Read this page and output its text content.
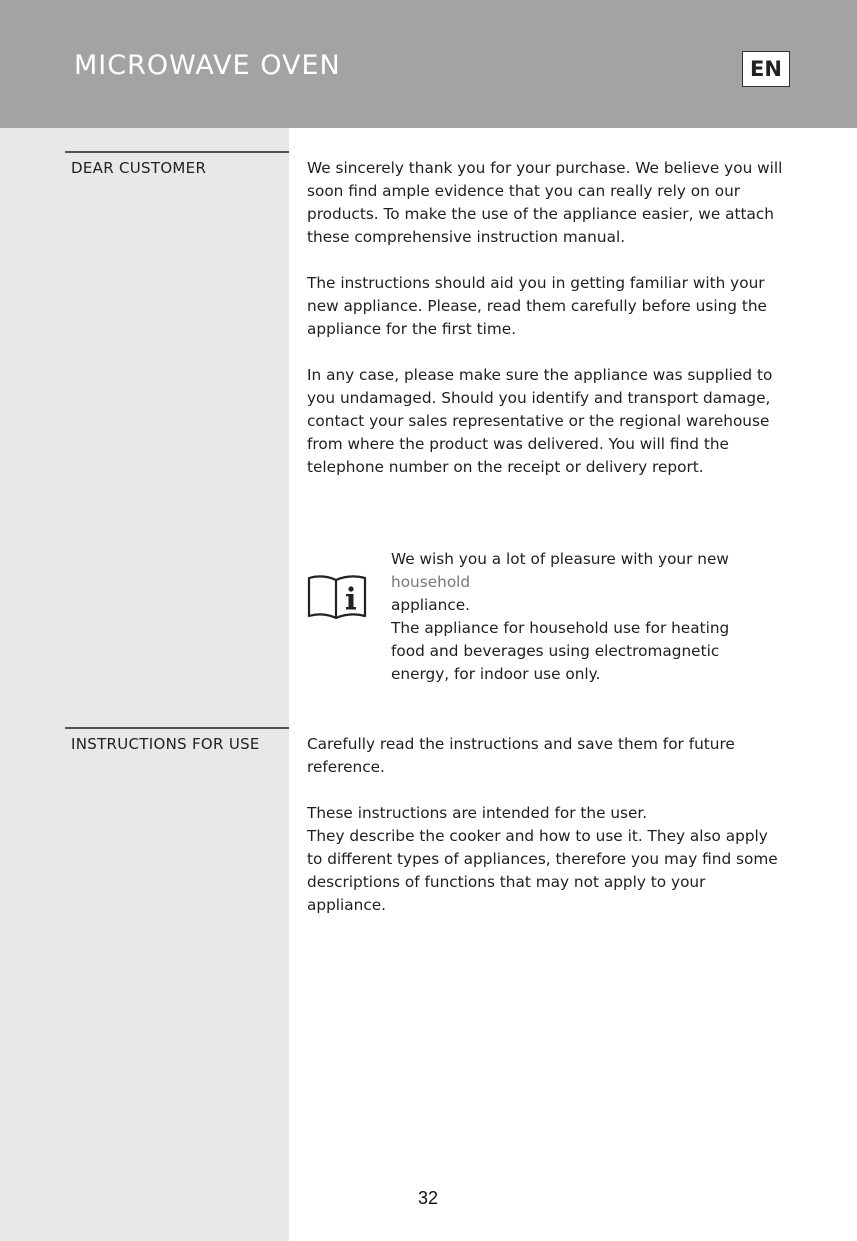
MICROWAVE OVEN	EN
DEAR CUSTOMER	We sincerely thank you for your purchase. We believe you will soon find ample evidence that you can really rely on our products. To make the use of the appliance easier, we attach these comprehensive instruction manual.

The instructions should aid you in getting familiar with your new appliance. Please, read them carefully before using the appliance for the first time.

In any case, please make sure the appliance was supplied to you undamaged. Should you identify and transport damage, contact your sales representative or the regional warehouse from where the product was delivered. You will find the telephone number on the receipt or delivery report.

We wish you a lot of pleasure with your new
household
appliance.
The appliance for household use for heating
food and beverages using electromagnetic
energy, for indoor use only.
INSTRUCTIONS FOR USE	Carefully read the instructions and save them for future reference.

These instructions are intended for the user.

They describe the cooker and how to use it. They also apply to different types of appliances, therefore you may find some descriptions of functions that may not apply to your appliance.

32
